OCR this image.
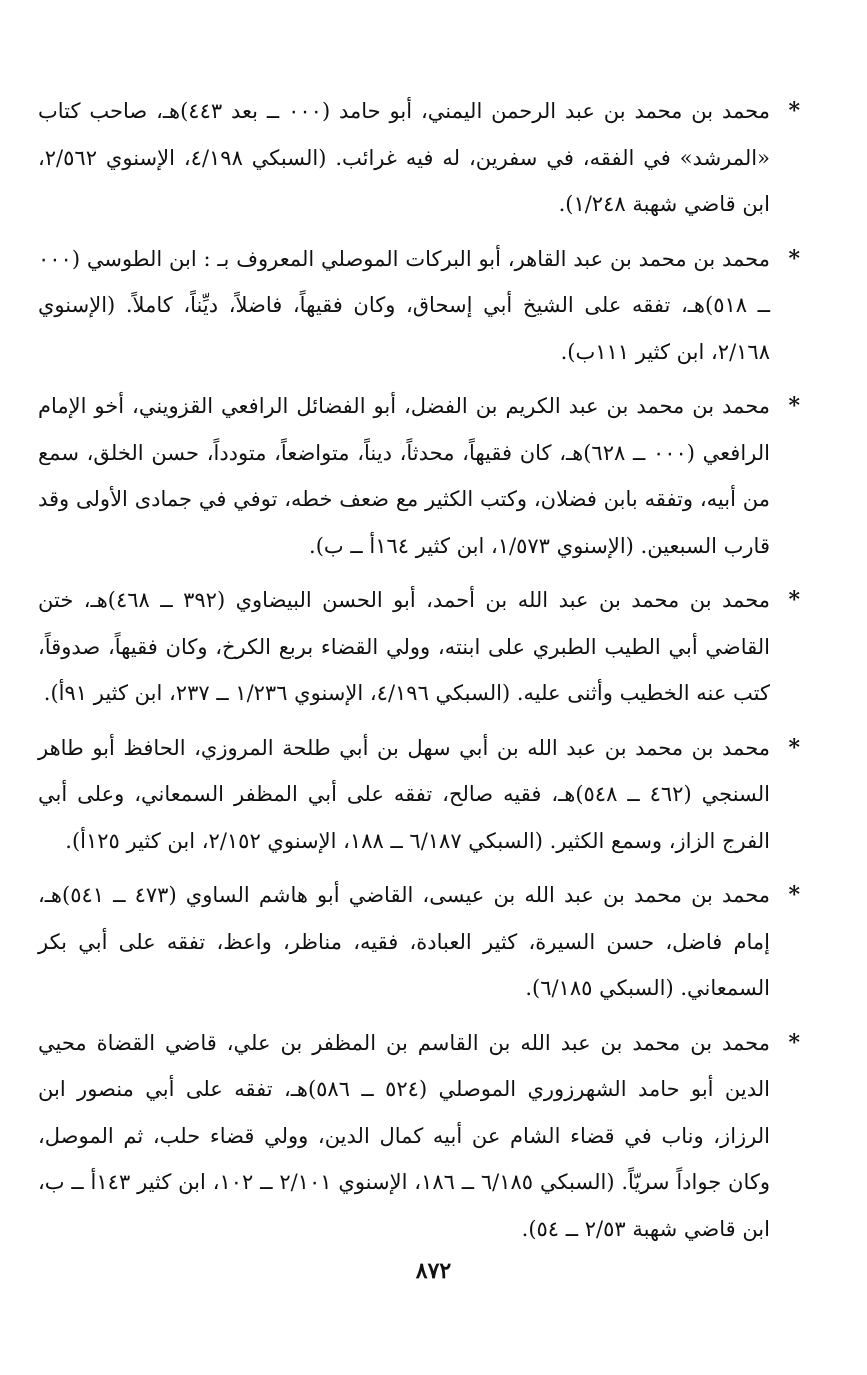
*
محمد بن محمد بن عبد الرحمن اليمني، أبو حامد (٠٠٠ ــ بعد ٤٤٣)هـ، صاحب كتاب «المرشد» في الفقه، في سفرين، له فيه غرائب. (السبكي ٤/١٩٨، الإسنوي ٢/٥٦٢، ابن قاضي شهبة ١/٢٤٨).
*
محمد بن محمد بن عبد القاهر، أبو البركات الموصلي المعروف بـ : ابن الطوسي (٠٠٠ ــ ٥١٨)هـ، تفقه على الشيخ أبي إسحاق، وكان فقيهاً، فاضلاً، ديِّناً، كاملاً. (الإسنوي ٢/١٦٨، ابن كثير ١١١ب).
*
محمد بن محمد بن عبد الكريم بن الفضل، أبو الفضائل الرافعي القزويني، أخو الإمام الرافعي (٠٠٠ ــ ٦٢٨)هـ، كان فقيهاً، محدثاً، ديناً، متواضعاً، متودداً، حسن الخلق، سمع من أبيه، وتفقه بابن فضلان، وكتب الكثير مع ضعف خطه، توفي في جمادى الأولى وقد قارب السبعين. (الإسنوي ١/٥٧٣، ابن كثير ١٦٤أ ــ ب).
*
محمد بن محمد بن عبد الله بن أحمد، أبو الحسن البيضاوي (٣٩٢ ــ ٤٦٨)هـ، ختن القاضي أبي الطيب الطبري على ابنته، وولي القضاء بربع الكرخ، وكان فقيهاً، صدوقاً، كتب عنه الخطيب وأثنى عليه. (السبكي ٤/١٩٦، الإسنوي ١/٢٣٦ ــ ٢٣٧، ابن كثير ٩١أ).
*
محمد بن محمد بن عبد الله بن أبي سهل بن أبي طلحة المروزي، الحافظ أبو طاهر السنجي (٤٦٢ ــ ٥٤٨)هـ، فقيه صالح، تفقه على أبي المظفر السمعاني، وعلى أبي الفرج الزاز، وسمع الكثير. (السبكي ٦/١٨٧ ــ ١٨٨، الإسنوي ٢/١٥٢، ابن كثير ١٢٥أ).
*
محمد بن محمد بن عبد الله بن عيسى، القاضي أبو هاشم الساوي (٤٧٣ ــ ٥٤١)هـ، إمام فاضل، حسن السيرة، كثير العبادة، فقيه، مناظر، واعظ، تفقه على أبي بكر السمعاني. (السبكي ٦/١٨٥).
*
محمد بن محمد بن عبد الله بن القاسم بن المظفر بن علي، قاضي القضاة محيي الدين أبو حامد الشهرزوري الموصلي (٥٢٤ ــ ٥٨٦)هـ، تفقه على أبي منصور ابن الرزاز، وناب في قضاء الشام عن أبيه كمال الدين، وولي قضاء حلب، ثم الموصل، وكان جواداً سريّاً. (السبكي ٦/١٨٥ ــ ١٨٦، الإسنوي ٢/١٠١ ــ ١٠٢، ابن كثير ١٤٣أ ــ ب، ابن قاضي شهبة ٢/٥٣ ــ ٥٤).
٨٧٢
